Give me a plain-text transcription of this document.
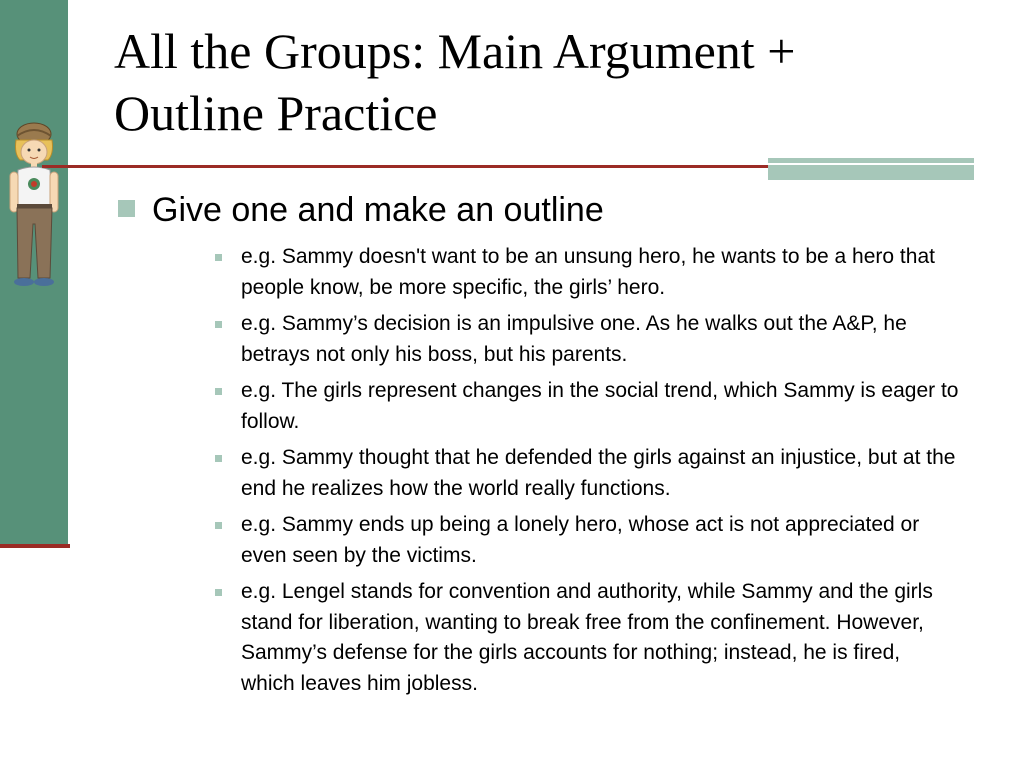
All the Groups: Main Argument +
Outline Practice
Give one and make an outline
e.g. Sammy doesn't want to be an unsung hero, he wants to be a hero that people know, be more specific, the girls’ hero.
e.g. Sammy’s decision is an impulsive one. As he walks out the A&P, he betrays not only his boss, but his parents.
e.g. The girls represent changes in the social trend, which Sammy is eager to follow.
e.g. Sammy thought that he defended the girls against an injustice, but at the end he realizes how the world really functions.
e.g. Sammy ends up being a lonely hero, whose act is not appreciated or even seen by the victims.
e.g. Lengel stands for convention and authority, while Sammy and the girls stand for liberation, wanting to break free from the confinement. However, Sammy’s defense for the girls accounts for nothing; instead, he is fired, which leaves him jobless.
